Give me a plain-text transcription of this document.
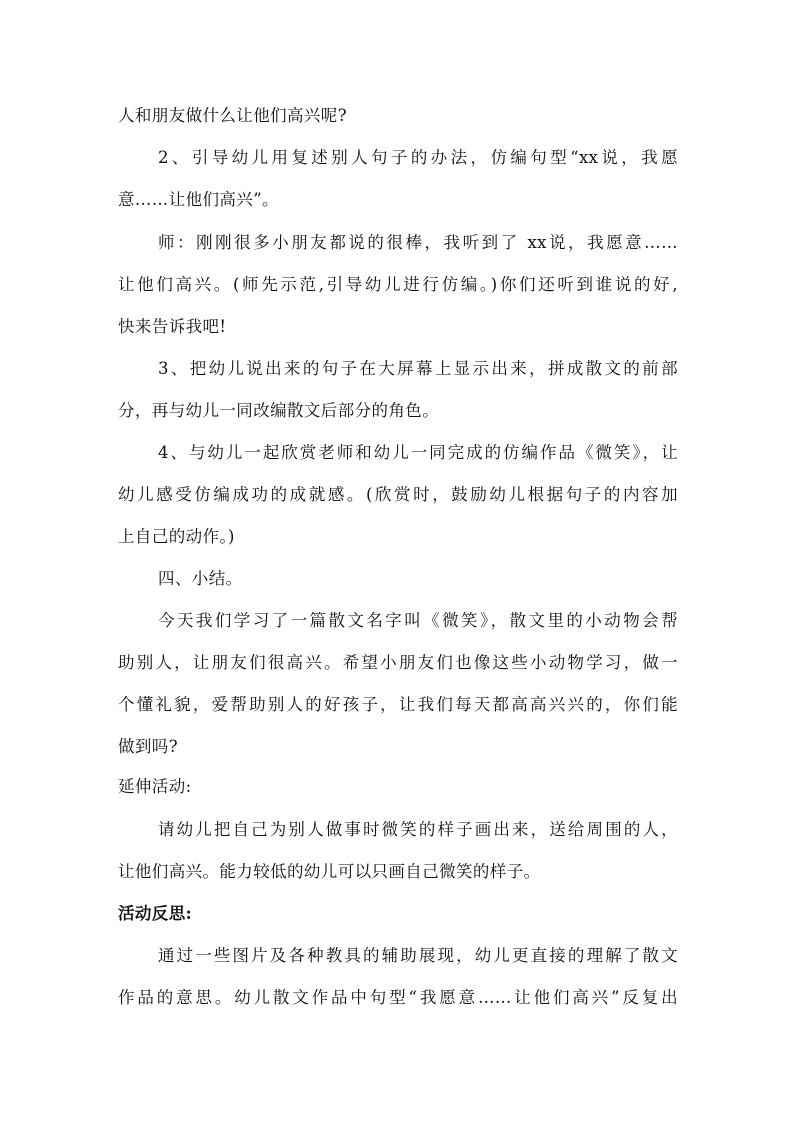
人和朋友做什么让他们高兴呢?
2、引导幼儿用复述别人句子的办法，仿编句型“xx说，我愿
意……让他们高兴”。
师：刚刚很多小朋友都说的很棒，我听到了 xx说，我愿意……
让他们高兴。(师先示范,引导幼儿进行仿编。)你们还听到谁说的好,
快来告诉我吧!
3、把幼儿说出来的句子在大屏幕上显示出来，拼成散文的前部
分，再与幼儿一同改编散文后部分的角色。
4、与幼儿一起欣赏老师和幼儿一同完成的仿编作品《微笑》，让
幼儿感受仿编成功的成就感。(欣赏时，鼓励幼儿根据句子的内容加
上自己的动作。)
四、小结。
今天我们学习了一篇散文名字叫《微笑》，散文里的小动物会帮
助别人，让朋友们很高兴。希望小朋友们也像这些小动物学习，做一
个懂礼貌，爱帮助别人的好孩子，让我们每天都高高兴兴的，你们能
做到吗?
延伸活动:
请幼儿把自己为别人做事时微笑的样子画出来，送给周围的人，
让他们高兴。能力较低的幼儿可以只画自己微笑的样子。
活动反思:
通过一些图片及各种教具的辅助展现，幼儿更直接的理解了散文
作品的意思。幼儿散文作品中句型“我愿意……让他们高兴”反复出
